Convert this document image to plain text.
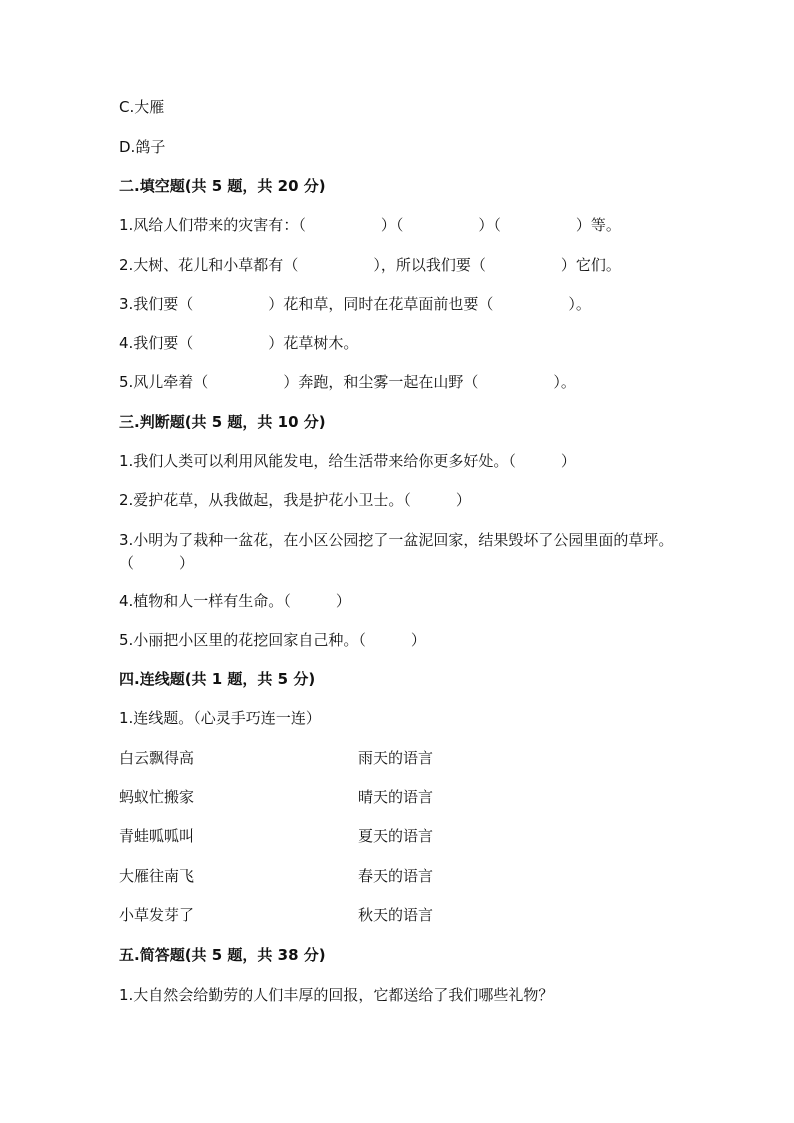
C.大雁
D.鸽子
二.填空题(共 5 题，共 20 分)
1.风给人们带来的灾害有：（　　　　　）（　　　　　）（　　　　　）等。
2.大树、花儿和小草都有（　　　　　），所以我们要（　　　　　）它们。
3.我们要（　　　　　）花和草，同时在花草面前也要（　　　　　）。
4.我们要（　　　　　）花草树木。
5.风儿牵着（　　　　　）奔跑，和尘雾一起在山野（　　　　　）。
三.判断题(共 5 题，共 10 分)
1.我们人类可以利用风能发电，给生活带来给你更多好处。（　　　）
2.爱护花草，从我做起，我是护花小卫士。（　　　）
3.小明为了栽种一盆花，在小区公园挖了一盆泥回家，结果毁坏了公园里面的草坪。（　　　）
4.植物和人一样有生命。（　　　）
5.小丽把小区里的花挖回家自己种。（　　　）
四.连线题(共 1 题，共 5 分)
1.连线题。（心灵手巧连一连）
白云飘得高	雨天的语言
蚂蚁忙搬家	晴天的语言
青蛙呱呱叫	夏天的语言
大雁往南飞	春天的语言
小草发芽了	秋天的语言
五.简答题(共 5 题，共 38 分)
1.大自然会给勤劳的人们丰厚的回报，它都送给了我们哪些礼物？
